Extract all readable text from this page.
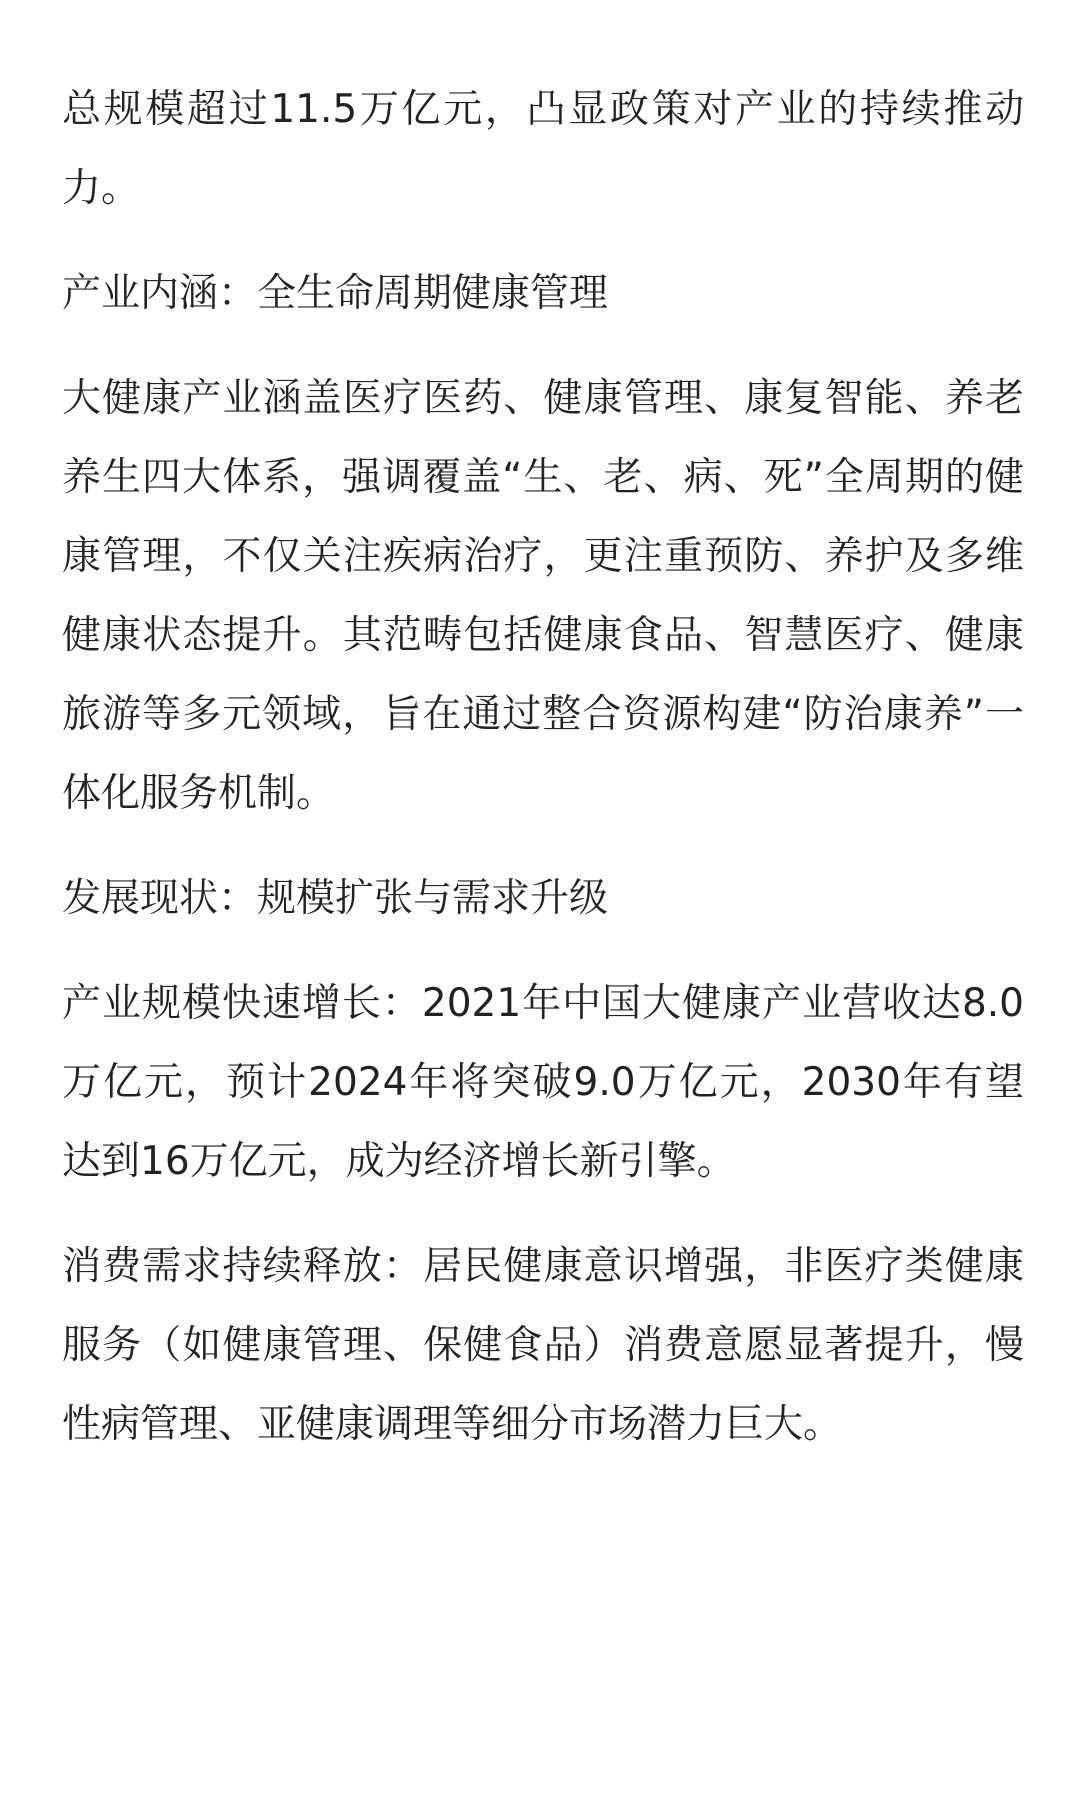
总规模超过11.5万亿元，凸显政策对产业的持续推动力。

产业内涵：全生命周期健康管理

大健康产业涵盖医疗医药、健康管理、康复智能、养老养生四大体系，强调覆盖“生、老、病、死”全周期的健康管理，不仅关注疾病治疗，更注重预防、养护及多维健康状态提升。其范畴包括健康食品、智慧医疗、健康旅游等多元领域，旨在通过整合资源构建“防治康养”一体化服务机制。

发展现状：规模扩张与需求升级

产业规模快速增长：2021年中国大健康产业营收达8.0万亿元，预计2024年将突破9.0万亿元，2030年有望达到16万亿元，成为经济增长新引擎。

消费需求持续释放：居民健康意识增强，非医疗类健康服务（如健康管理、保健食品）消费意愿显著提升，慢性病管理、亚健康调理等细分市场潜力巨大。
